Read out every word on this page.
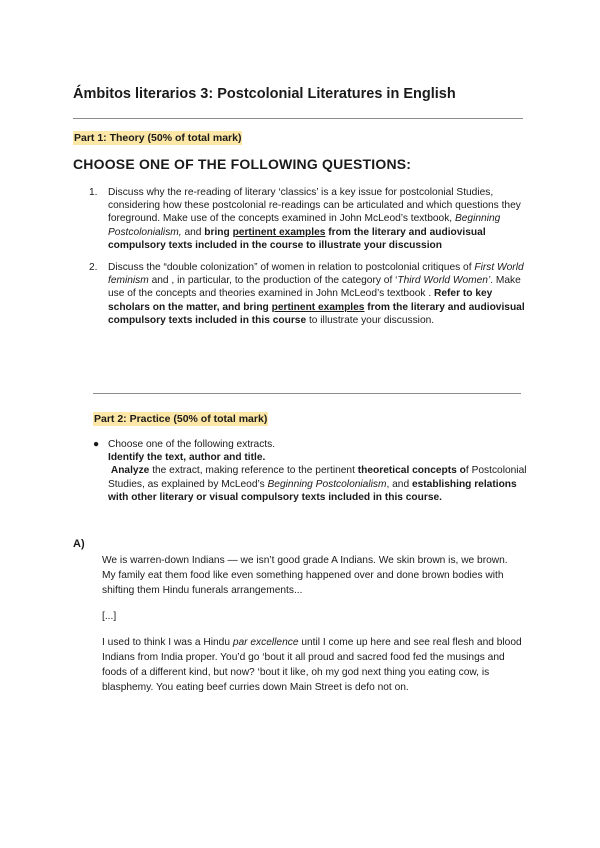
Ámbitos literarios 3: Postcolonial Literatures in English
Part 1: Theory (50% of total mark)
CHOOSE ONE OF THE FOLLOWING QUESTIONS:
1. Discuss why the re-reading of literary ‘classics’ is a key issue for postcolonial Studies, considering how these postcolonial re-readings can be articulated and which questions they foreground. Make use of the concepts examined in John McLeod’s textbook, Beginning Postcolonialism, and bring pertinent examples from the literary and audiovisual compulsory texts included in the course to illustrate your discussion
2. Discuss the “double colonization” of women in relation to postcolonial critiques of First World feminism and , in particular, to the production of the category of ‘Third World Women’. Make use of the concepts and theories examined in John McLeod’s textbook . Refer to key scholars on the matter, and bring pertinent examples from the literary and audiovisual compulsory texts included in this course to illustrate your discussion.
Part 2: Practice (50% of total mark)
● Choose one of the following extracts.
Identify the text, author and title.
Analyze the extract, making reference to the pertinent theoretical concepts of Postcolonial Studies, as explained by McLeod’s Beginning Postcolonialism, and establishing relations with other literary or visual compulsory texts included in this course.
A)

We is warren-down Indians — we isn’t good grade A Indians. We skin brown is, we brown. My family eat them food like even something happened over and done brown bodies with shifting them Hindu funerals arrangements...

[...]

I used to think I was a Hindu par excellence until I come up here and see real flesh and blood Indians from India proper. You’d go ‘bout it all proud and sacred food fed the musings and foods of a different kind, but now? ‘bout it like, oh my god next thing you eating cow, is blasphemy. You eating beef curries down Main Street is defo not on.
